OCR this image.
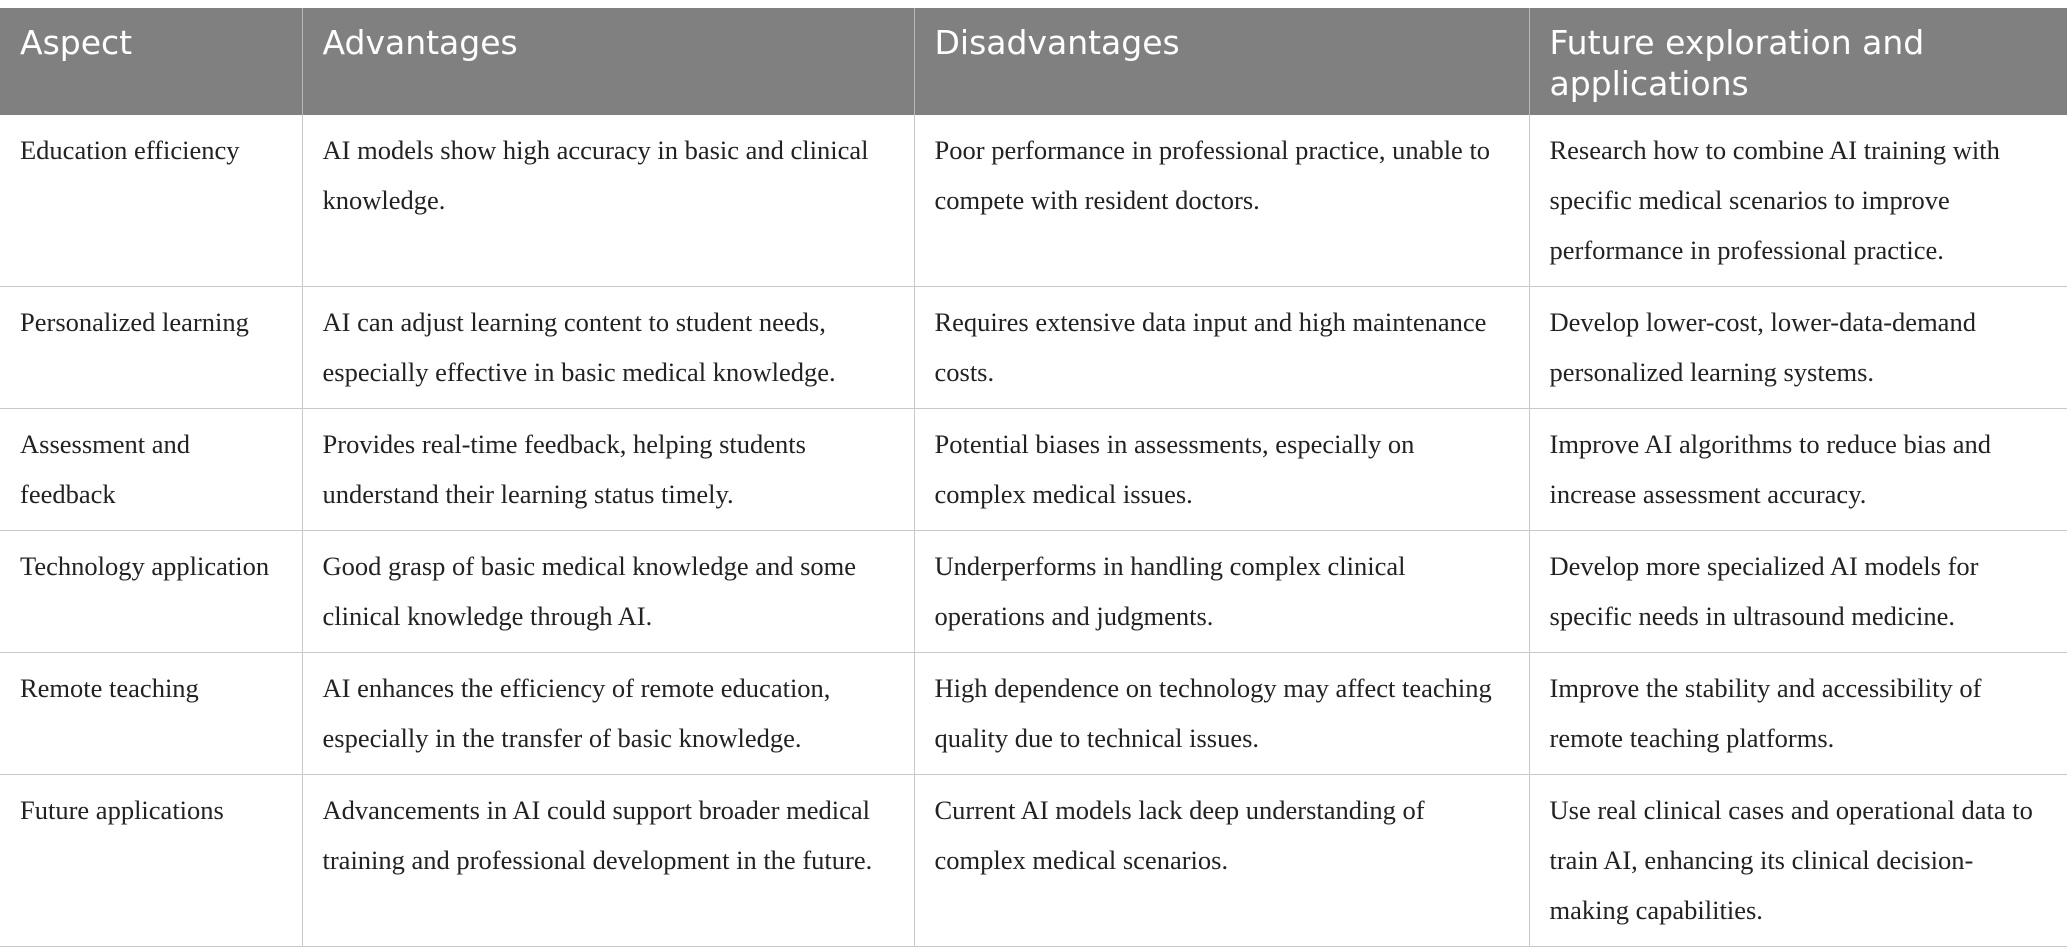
Aspect	Advantages	Disadvantages	Future exploration and applications
Education efficiency	AI models show high accuracy in basic and clinical knowledge.	Poor performance in professional practice, unable to compete with resident doctors.	Research how to combine AI training with specific medical scenarios to improve performance in professional practice.
Personalized learning	AI can adjust learning content to student needs, especially effective in basic medical knowledge.	Requires extensive data input and high maintenance costs.	Develop lower-cost, lower-data-demand personalized learning systems.
Assessment and feedback	Provides real-time feedback, helping students understand their learning status timely.	Potential biases in assessments, especially on complex medical issues.	Improve AI algorithms to reduce bias and increase assessment accuracy.
Technology application	Good grasp of basic medical knowledge and some clinical knowledge through AI.	Underperforms in handling complex clinical operations and judgments.	Develop more specialized AI models for specific needs in ultrasound medicine.
Remote teaching	AI enhances the efficiency of remote education, especially in the transfer of basic knowledge.	High dependence on technology may affect teaching quality due to technical issues.	Improve the stability and accessibility of remote teaching platforms.
Future applications	Advancements in AI could support broader medical training and professional development in the future.	Current AI models lack deep understanding of complex medical scenarios.	Use real clinical cases and operational data to train AI, enhancing its clinical decision-making capabilities.
